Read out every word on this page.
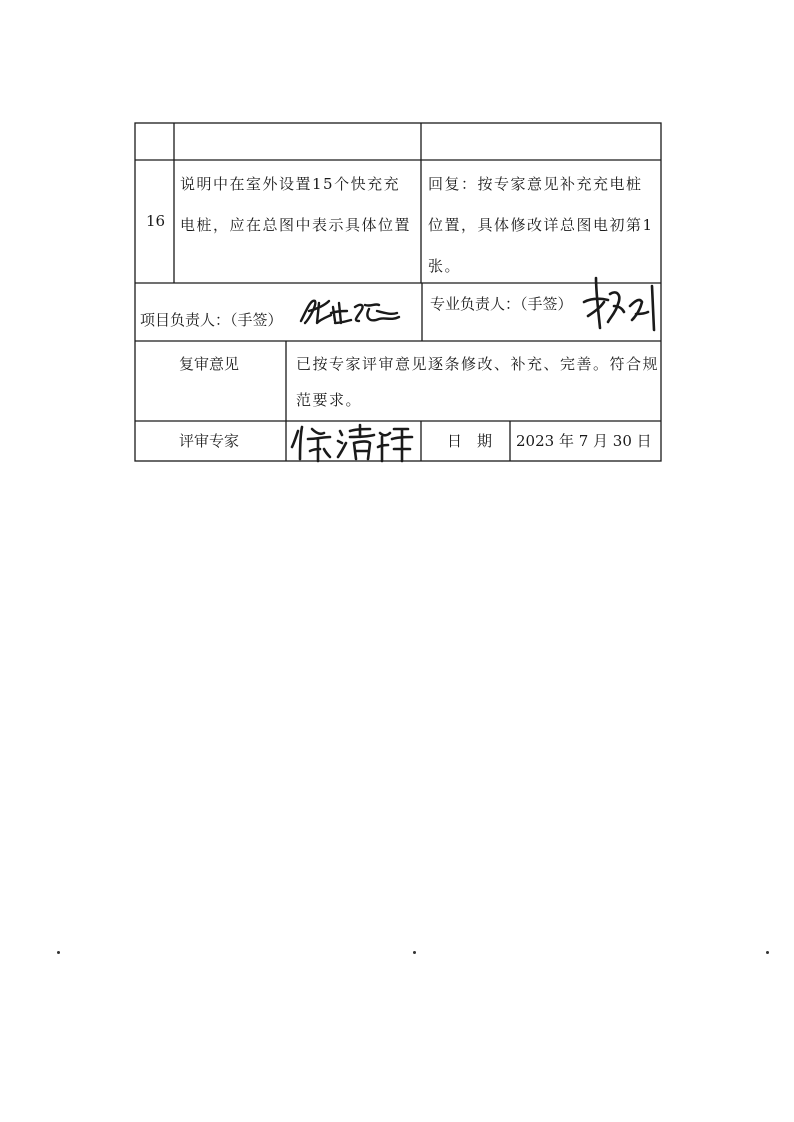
16
说明中在室外设置15个快充充电桩，应在总图中表示具体位置
回复：按专家意见补充充电桩位置，具体修改详总图电初第1张。
项目负责人：（手签）
专业负责人：（手签）
复审意见	已按专家评审意见逐条修改、补充、完善。符合规范要求。
评审专家	日　期 2023 年 7 月 30 日
